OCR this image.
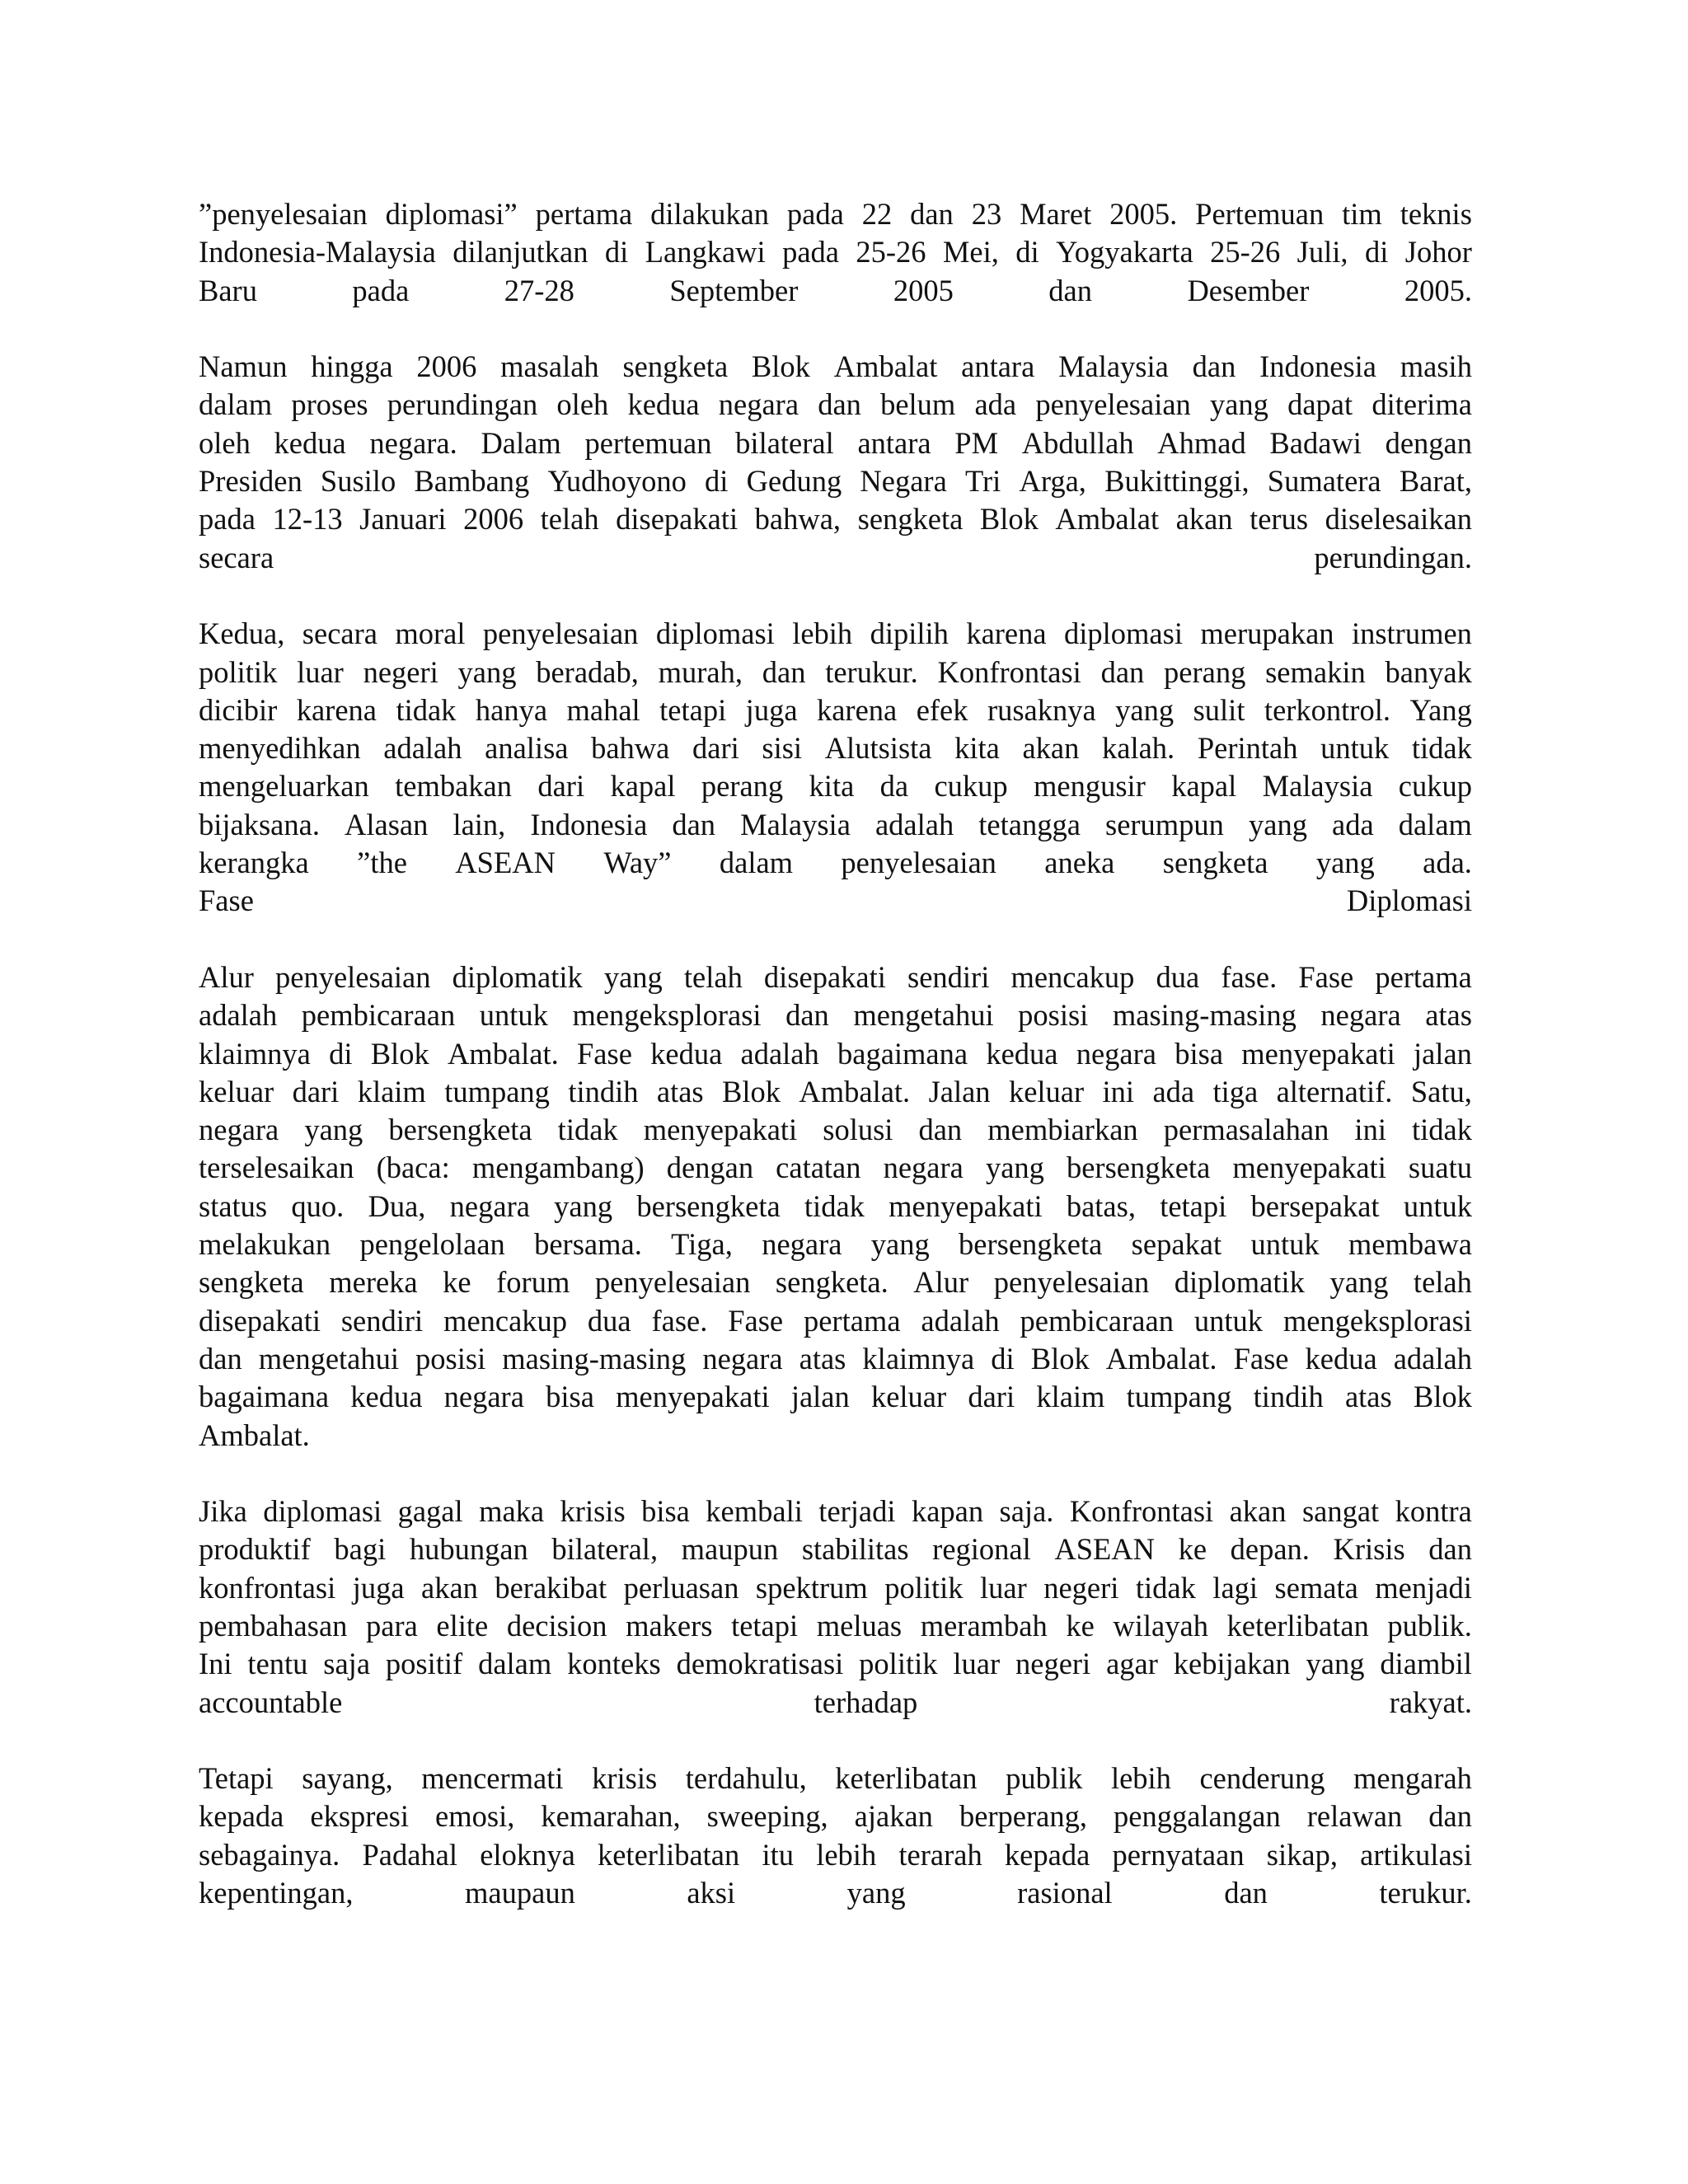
”penyelesaian diplomasi” pertama dilakukan pada 22 dan 23 Maret 2005. Pertemuan tim teknis
Indonesia-Malaysia dilanjutkan di Langkawi pada 25-26 Mei, di Yogyakarta 25-26 Juli, di Johor
Baru	pada	27-28	September	2005	dan	Desember	2005.
Namun hingga 2006 masalah sengketa Blok Ambalat antara Malaysia dan Indonesia masih
dalam proses perundingan oleh kedua negara dan belum ada penyelesaian yang dapat diterima
oleh kedua negara. Dalam pertemuan bilateral antara PM Abdullah Ahmad Badawi dengan
Presiden Susilo Bambang Yudhoyono di Gedung Negara Tri Arga, Bukittinggi, Sumatera Barat,
pada 12-13 Januari 2006 telah disepakati bahwa, sengketa Blok Ambalat akan terus diselesaikan
secara	perundingan.
Kedua, secara moral penyelesaian diplomasi lebih dipilih karena diplomasi merupakan instrumen
politik luar negeri yang beradab, murah, dan terukur. Konfrontasi dan perang semakin banyak
dicibir karena tidak hanya mahal tetapi juga karena efek rusaknya yang sulit terkontrol. Yang
menyedihkan adalah analisa bahwa dari sisi Alutsista kita akan kalah. Perintah untuk tidak
mengeluarkan tembakan dari kapal perang kita da cukup mengusir kapal Malaysia cukup
bijaksana. Alasan lain, Indonesia dan Malaysia adalah tetangga serumpun yang ada dalam
kerangka ”the ASEAN Way” dalam penyelesaian aneka sengketa yang ada.
Fase	Diplomasi
Alur penyelesaian diplomatik yang telah disepakati sendiri mencakup dua fase. Fase pertama
adalah pembicaraan untuk mengeksplorasi dan mengetahui posisi masing-masing negara atas
klaimnya di Blok Ambalat. Fase kedua adalah bagaimana kedua negara bisa menyepakati jalan
keluar dari klaim tumpang tindih atas Blok Ambalat. Jalan keluar ini ada tiga alternatif. Satu,
negara yang bersengketa tidak menyepakati solusi dan membiarkan permasalahan ini tidak
terselesaikan (baca: mengambang) dengan catatan negara yang bersengketa menyepakati suatu
status quo. Dua, negara yang bersengketa tidak menyepakati batas, tetapi bersepakat untuk
melakukan pengelolaan bersama. Tiga, negara yang bersengketa sepakat untuk membawa
sengketa mereka ke forum penyelesaian sengketa. Alur penyelesaian diplomatik yang telah
disepakati sendiri mencakup dua fase. Fase pertama adalah pembicaraan untuk mengeksplorasi
dan mengetahui posisi masing-masing negara atas klaimnya di Blok Ambalat. Fase kedua adalah
bagaimana kedua negara bisa menyepakati jalan keluar dari klaim tumpang tindih atas Blok
Ambalat.
Jika diplomasi gagal maka krisis bisa kembali terjadi kapan saja. Konfrontasi akan sangat kontra
produktif bagi hubungan bilateral, maupun stabilitas regional ASEAN ke depan. Krisis dan
konfrontasi juga akan berakibat perluasan spektrum politik luar negeri tidak lagi semata menjadi
pembahasan para elite decision makers tetapi meluas merambah ke wilayah keterlibatan publik.
Ini tentu saja positif dalam konteks demokratisasi politik luar negeri agar kebijakan yang diambil
accountable	terhadap	rakyat.
Tetapi sayang, mencermati krisis terdahulu, keterlibatan publik lebih cenderung mengarah
kepada ekspresi emosi, kemarahan, sweeping, ajakan berperang, penggalangan relawan dan
sebagainya. Padahal eloknya keterlibatan itu lebih terarah kepada pernyataan sikap, artikulasi
kepentingan,	maupaun	aksi	yang	rasional	dan	terukur.
